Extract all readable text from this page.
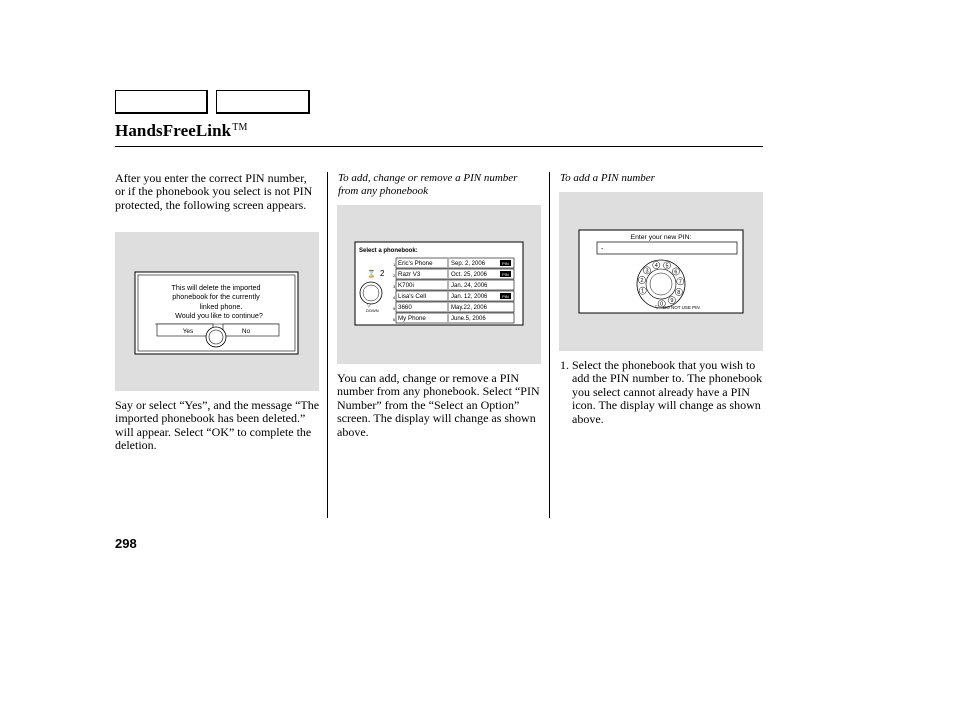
HandsFreeLink™
After you enter the correct PIN number, or if the phonebook you select is not PIN protected, the following screen appears.
This will delete the imported
phonebook for the currently
linked phone.
Would you like to continue?
Yes	No
Say or select “Yes”, and the message “The imported phonebook has been deleted.” will appear. Select “OK” to complete the deletion.
To add, change or remove a PIN number from any phonebook
Select a phonebook:
⌛ 2
▽
DOWN
1 Eric's Phone	Sep. 2, 2006	PIN
2 Razr V3	Oct. 25, 2006	PIN
3 K700i	Jan. 24, 2006
4 Lisa's Cell	Jan. 12, 2006	PIN
5 3660	May.22, 2006
6 My Phone	June.5, 2006
You can add, change or remove a PIN number from any phonebook. Select “PIN Number” from the “Select an Option” screen. The display will change as shown above.
To add a PIN number
Enter your new PIN:
-
1
2
3
4 5
6
7
8
9
0
▽ DO NOT USE PIN
1. Select the phonebook that you wish to add the PIN number to. The phonebook you select cannot already have a PIN icon. The display will change as shown above.
298
